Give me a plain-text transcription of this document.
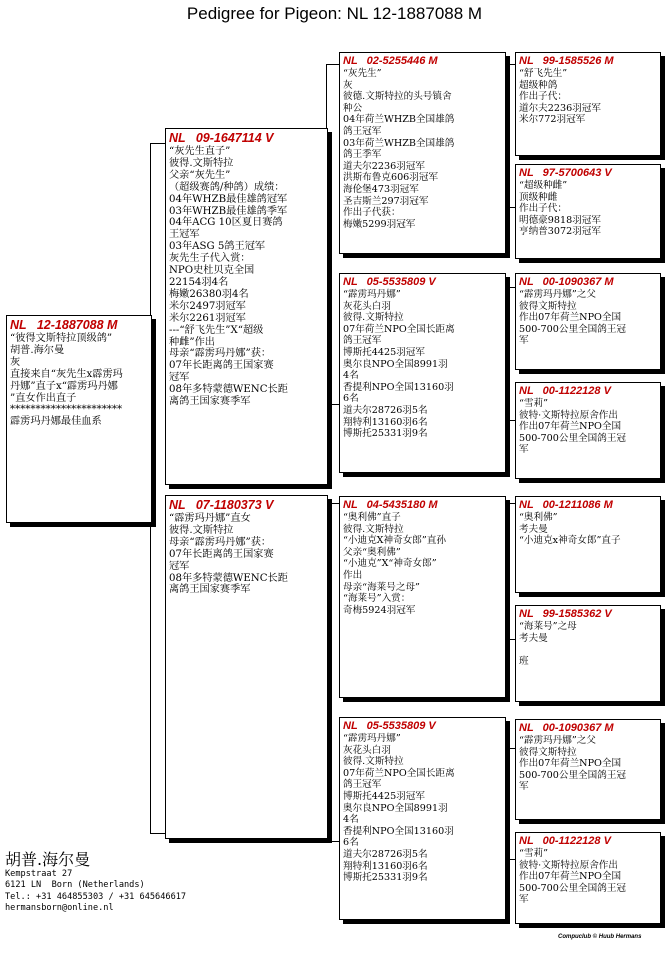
Pedigree for Pigeon: NL 12-1887088 M
NL   12-1887088 M
“彼得文斯特拉顶级鸽”
胡普.海尔曼
灰
直接来自“灰先生x霹雳玛
丹娜”直子x“霹雳玛丹娜
”直女作出直子
**********************
霹雳玛丹娜最佳血系
NL   09-1647114 V
“灰先生直子”
彼得.文斯特拉
父亲“灰先生”
（超级赛鸽/种鸽）成绩：
04年WHZB最佳雄鸽冠军
03年WHZB最佳雄鸽季军
04年ACG 10区夏日赛鸽
王冠军
03年ASG 5鸽王冠军
灰先生子代入赏：
NPO史杜贝克全国
22154羽4名
梅嫩26380羽4名
米尔2497羽冠军
米尔2261羽冠军
---“舒飞先生”X“超级
种雌”作出
母亲“霹雳玛丹娜”获：
07年长距离鸽王国家赛
冠军
08年多特蒙德WENC长距
离鸽王国家赛季军
NL   07-1180373 V
“霹雳玛丹娜”直女
彼得.文斯特拉
母亲“霹雳玛丹娜”获：
07年长距离鸽王国家赛
冠军
08年多特蒙德WENC长距
离鸽王国家赛季军
NL   02-5255446 M
“灰先生”
灰
彼德.文斯特拉的头号镇舍
种公
04年荷兰WHZB全国雄鸽
鸽王冠军
03年荷兰WHZB全国雄鸽
鸽王季军
道夫尔2236羽冠军
洪斯布鲁克606羽冠军
海伦堡473羽冠军
圣吉斯兰297羽冠军
作出子代获：
梅嫩5299羽冠军
NL   05-5535809 V
“霹雳玛丹娜”
灰花头白羽
彼得.文斯特拉
07年荷兰NPO全国长距离
鸽王冠军
博斯托4425羽冠军
奥尔良NPO全国8991羽
4名
香提利NPO全国13160羽
6名
道夫尔28726羽5名
翔特利13160羽6名
博斯托25331羽9名
NL   04-5435180 M
“奥利佛”直子
彼得.文斯特拉
“小迪克X神奇女郎”直孙
父亲“奥利佛”
“小迪克”X“神奇女郎”
作出
母亲“海莱号之母”
“海莱号”入赏：
奇梅5924羽冠军
NL   05-5535809 V
“霹雳玛丹娜”
灰花头白羽
彼得.文斯特拉
07年荷兰NPO全国长距离
鸽王冠军
博斯托4425羽冠军
奥尔良NPO全国8991羽
4名
香提利NPO全国13160羽
6名
道夫尔28726羽5名
翔特利13160羽6名
博斯托25331羽9名
NL   99-1585526 M
“舒飞先生”
超级种鸽
作出子代：
道尔夫2236羽冠军
米尔772羽冠军
NL   97-5700643 V
“超级种雌”
顶级种雌
作出子代：
明德豪9818羽冠军
亨纳普3072羽冠军
NL   00-1090367 M
“霹雳玛丹娜”之父
彼得文斯特拉
作出07年荷兰NPO全国
500-700公里全国鸽王冠
军
NL   00-1122128 V
“雪莉”
彼特·文斯特拉原舍作出
作出07年荷兰NPO全国
500-700公里全国鸽王冠
军
NL   00-1211086 M
“奥利佛”
考夫曼
“小迪克x神奇女郎”直子
NL   99-1585362 V
“海莱号”之母
考夫曼

班
NL   00-1090367 M
“霹雳玛丹娜”之父
彼得文斯特拉
作出07年荷兰NPO全国
500-700公里全国鸽王冠
军
NL   00-1122128 V
“雪莉”
彼特·文斯特拉原舍作出
作出07年荷兰NPO全国
500-700公里全国鸽王冠
军
胡普.海尔曼
Kempstraat 27
6121 LN  Born (Netherlands)
Tel.: +31 464855303 / +31 645646617
hermansborn@online.nl
Compuclub © Huub Hermans
